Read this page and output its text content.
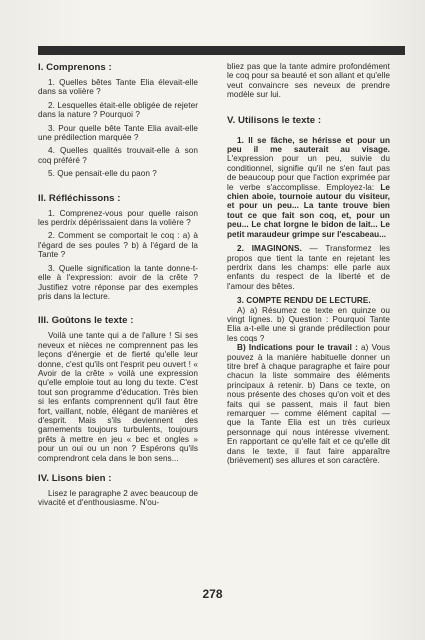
I. Comprenons :
1. Quelles bêtes Tante Elia élevait-elle dans sa volière ?
2. Lesquelles était-elle obligée de rejeter dans la nature ? Pourquoi ?
3. Pour quelle bête Tante Elia avait-elle une prédilection marquée ?
4. Quelles qualités trouvait-elle à son coq préféré ?
5. Que pensait-elle du paon ?
II. Réfléchissons :
1. Comprenez-vous pour quelle raison les perdrix dépérissaient dans la volière ?
2. Comment se comportait le coq : a) à l'égard de ses poules ? b) à l'égard de la Tante ?
3. Quelle signification la tante donne-t-elle à l'expression: avoir de la crête ? Justifiez votre réponse par des exemples pris dans la lecture.
III. Goûtons le texte :
Voilà une tante qui a de l'allure ! Si ses neveux et nièces ne comprennent pas les leçons d'énergie et de fierté qu'elle leur donne, c'est qu'ils ont l'esprit peu ouvert ! « Avoir de la crête » voilà une expression qu'elle emploie tout au long du texte. C'est tout son programme d'éducation. Très bien si les enfants comprennent qu'il faut être fort, vaillant, noble, élégant de manières et d'esprit. Mais s'ils deviennent des garnements toujours turbulents, toujours prêts à mettre en jeu « bec et ongles » pour un oui ou un non ? Espérons qu'ils comprendront cela dans le bon sens...
IV. Lisons bien :
Lisez le paragraphe 2 avec beaucoup de vivacité et d'enthousiasme. N'ou-
bliez pas que la tante admire profondément le coq pour sa beauté et son allant et qu'elle veut convaincre ses neveux de prendre modèle sur lui.
V. Utilisons le texte :
1. Il se fâche, se hérisse et pour un peu il me sauterait au visage. L'expression pour un peu, suivie du conditionnel, signifie qu'il ne s'en faut pas de beaucoup pour que l'action exprimée par le verbe s'accomplisse. Employez-la: Le chien aboie, tournoie autour du visiteur, et pour un peu... La tante trouve bien tout ce que fait son coq, et, pour un peu... Le chat lorgne le bidon de lait... Le petit maraudeur grimpe sur l'escabeau...
2. IMAGINONS. — Transformez les propos que tient la tante en rejetant les perdrix dans les champs: elle parle aux enfants du respect de la liberté et de l'amour des bêtes.
3. COMPTE RENDU DE LECTURE.
A) a) Résumez ce texte en quinze ou vingt lignes. b) Question : Pourquoi Tante Elia a-t-elle une si grande prédilection pour les coqs ?
B) Indications pour le travail : a) Vous pouvez à la manière habituelle donner un titre bref à chaque paragraphe et faire pour chacun la liste sommaire des éléments principaux à retenir. b) Dans ce texte, on nous présente des choses qu'on voit et des faits qui se passent, mais il faut bien remarquer — comme élément capital — que la Tante Elia est un très curieux personnage qui nous intéresse vivement. En rapportant ce qu'elle fait et ce qu'elle dit dans le texte, il faut faire apparaître (brièvement) ses allures et son caractère.
278
